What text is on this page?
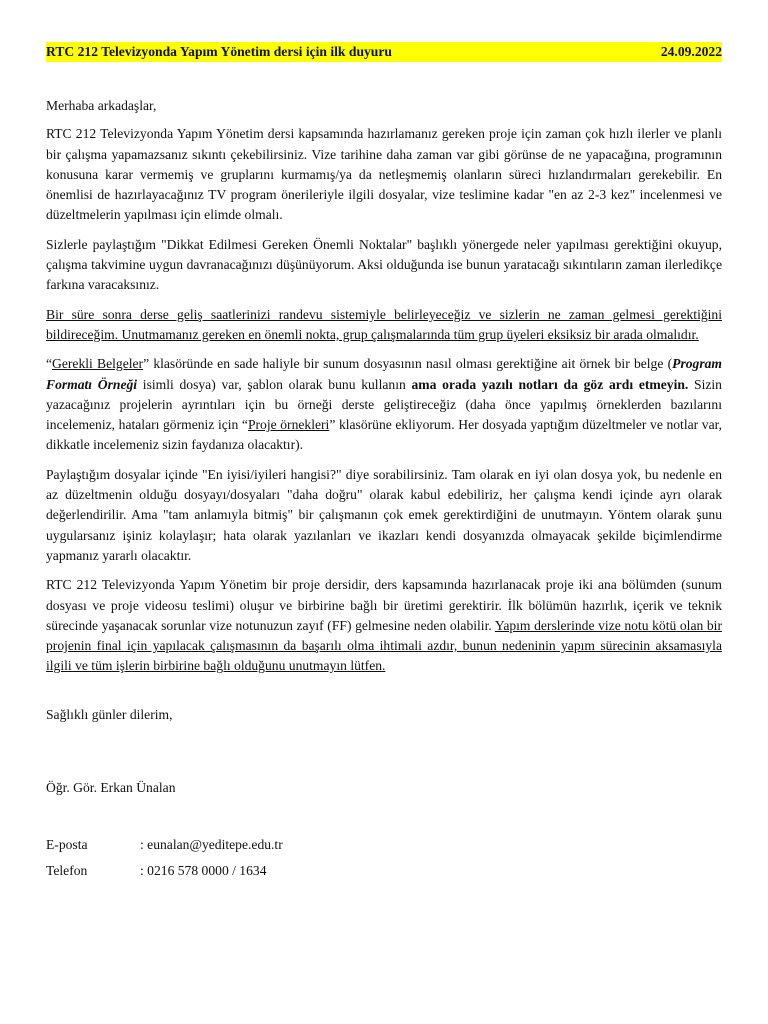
RTC 212 Televizyonda Yapım Yönetim dersi için ilk duyuru	24.09.2022

Merhaba arkadaşlar,

RTC 212 Televizyonda Yapım Yönetim dersi kapsamında hazırlamanız gereken proje için zaman çok hızlı ilerler ve planlı bir çalışma yapamazsanız sıkıntı çekebilirsiniz. Vize tarihine daha zaman var gibi görünse de ne yapacağına, programının konusuna karar vermemiş ve gruplarını kurmamış/ya da netleşmemiş olanların süreci hızlandırmaları gerekebilir. En önemlisi de hazırlayacağınız TV program önerileriyle ilgili dosyalar, vize teslimine kadar "en az 2-3 kez" incelenmesi ve düzeltmelerin yapılması için elimde olmalı.

Sizlerle paylaştığım "Dikkat Edilmesi Gereken Önemli Noktalar" başlıklı yönergede neler yapılması gerektiğini okuyup, çalışma takvimine uygun davranacağınızı düşünüyorum. Aksi olduğunda ise bunun yaratacağı sıkıntıların zaman ilerledikçe farkına varacaksınız.

Bir süre sonra derse geliş saatlerinizi randevu sistemiyle belirleyeceğiz ve sizlerin ne zaman gelmesi gerektiğini bildireceğim. Unutmamanız gereken en önemli nokta, grup çalışmalarında tüm grup üyeleri eksiksiz bir arada olmalıdır.

“Gerekli Belgeler” klasöründe en sade haliyle bir sunum dosyasının nasıl olması gerektiğine ait örnek bir belge (Program Formatı Örneği isimli dosya) var, şablon olarak bunu kullanın ama orada yazılı notları da göz ardı etmeyin. Sizin yazacağınız projelerin ayrıntıları için bu örneği derste geliştireceğiz (daha önce yapılmış örneklerden bazılarını incelemeniz, hataları görmeniz için “Proje örnekleri” klasörüne ekliyorum. Her dosyada yaptığım düzeltmeler ve notlar var, dikkatle incelemeniz sizin faydanıza olacaktır).

Paylaştığım dosyalar içinde "En iyisi/iyileri hangisi?" diye sorabilirsiniz. Tam olarak en iyi olan dosya yok, bu nedenle en az düzeltmenin olduğu dosyayı/dosyaları "daha doğru" olarak kabul edebiliriz, her çalışma kendi içinde ayrı olarak değerlendirilir. Ama "tam anlamıyla bitmiş" bir çalışmanın çok emek gerektirdiğini de unutmayın. Yöntem olarak şunu uygularsanız işiniz kolaylaşır; hata olarak yazılanları ve ikazları kendi dosyanızda olmayacak şekilde biçimlendirme yapmanız yararlı olacaktır.

RTC 212 Televizyonda Yapım Yönetim bir proje dersidir, ders kapsamında hazırlanacak proje iki ana bölümden (sunum dosyası ve proje videosu teslimi) oluşur ve birbirine bağlı bir üretimi gerektirir. İlk bölümün hazırlık, içerik ve teknik sürecinde yaşanacak sorunlar vize notunuzun zayıf (FF) gelmesine neden olabilir. Yapım derslerinde vize notu kötü olan bir projenin final için yapılacak çalışmasının da başarılı olma ihtimali azdır, bunun nedeninin yapım sürecinin aksamasıyla ilgili ve tüm işlerin birbirine bağlı olduğunu unutmayın lütfen.

Sağlıklı günler dilerim,
Öğr. Gör. Erkan Ünalan
E-posta	: eunalan@yeditepe.edu.tr
Telefon	: 0216 578 0000 / 1634
